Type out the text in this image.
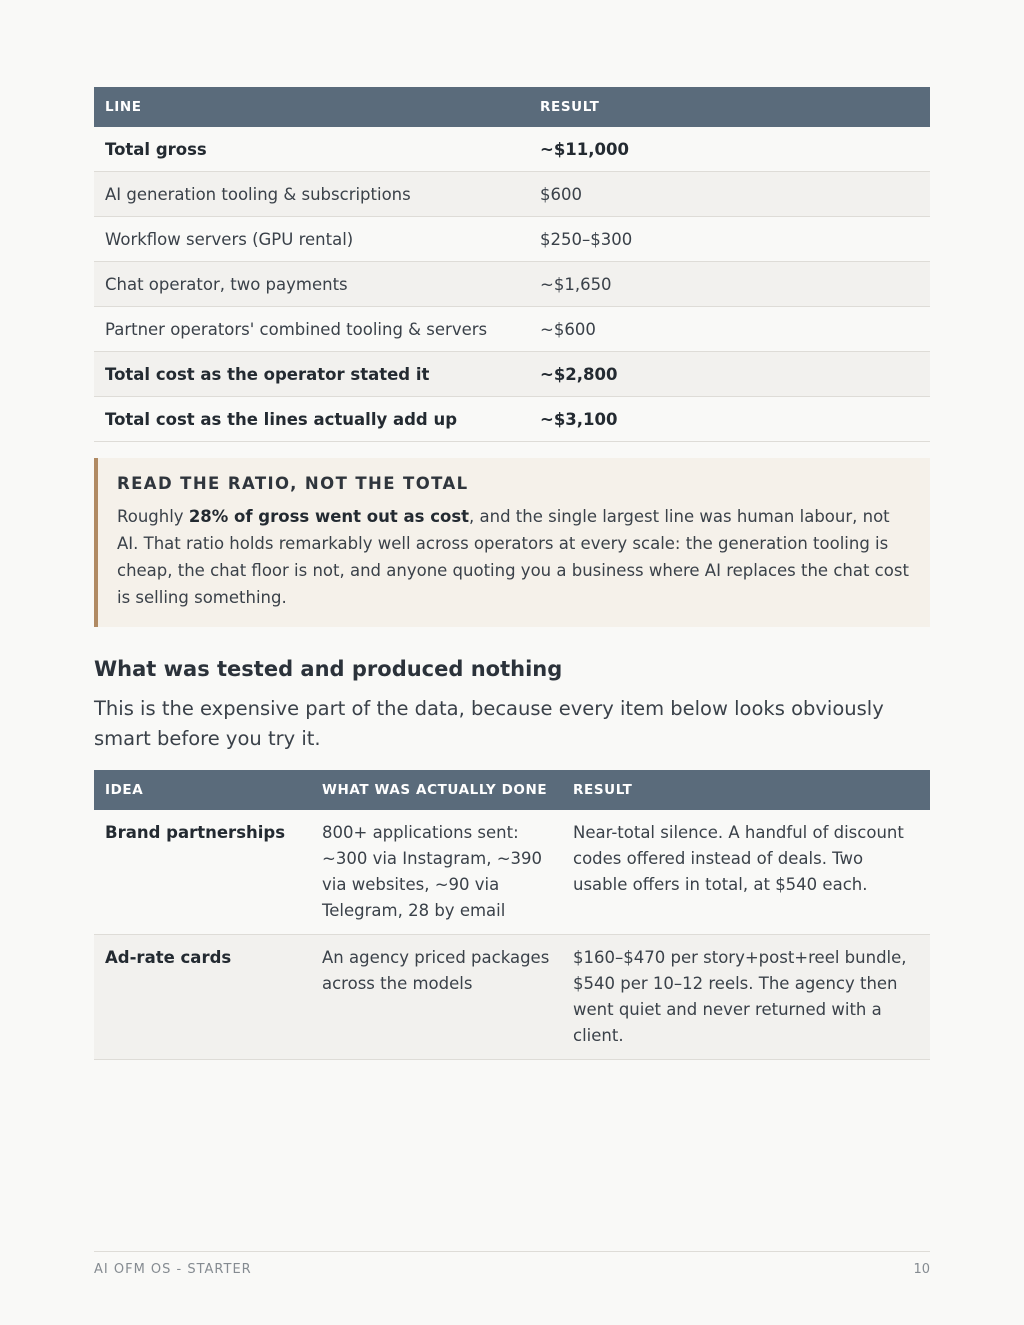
LINE	RESULT
Total gross	~$11,000
AI generation tooling & subscriptions	$600
Workflow servers (GPU rental)	$250–$300
Chat operator, two payments	~$1,650
Partner operators' combined tooling & servers	~$600
Total cost as the operator stated it	~$2,800
Total cost as the lines actually add up	~$3,100

READ THE RATIO, NOT THE TOTAL

Roughly 28% of gross went out as cost, and the single largest line was human labour, not AI. That ratio holds remarkably well across operators at every scale: the generation tooling is cheap, the chat floor is not, and anyone quoting you a business where AI replaces the chat cost is selling something.

What was tested and produced nothing

This is the expensive part of the data, because every item below looks obviously smart before you try it.

IDEA	WHAT WAS ACTUALLY DONE	RESULT
Brand partnerships	800+ applications sent: ~300 via Instagram, ~390 via websites, ~90 via Telegram, 28 by email	Near-total silence. A handful of discount codes offered instead of deals. Two usable offers in total, at $540 each.
Ad-rate cards	An agency priced packages across the models	$160–$470 per story+post+reel bundle, $540 per 10–12 reels. The agency then went quiet and never returned with a client.
AI OFM OS - STARTER	10
